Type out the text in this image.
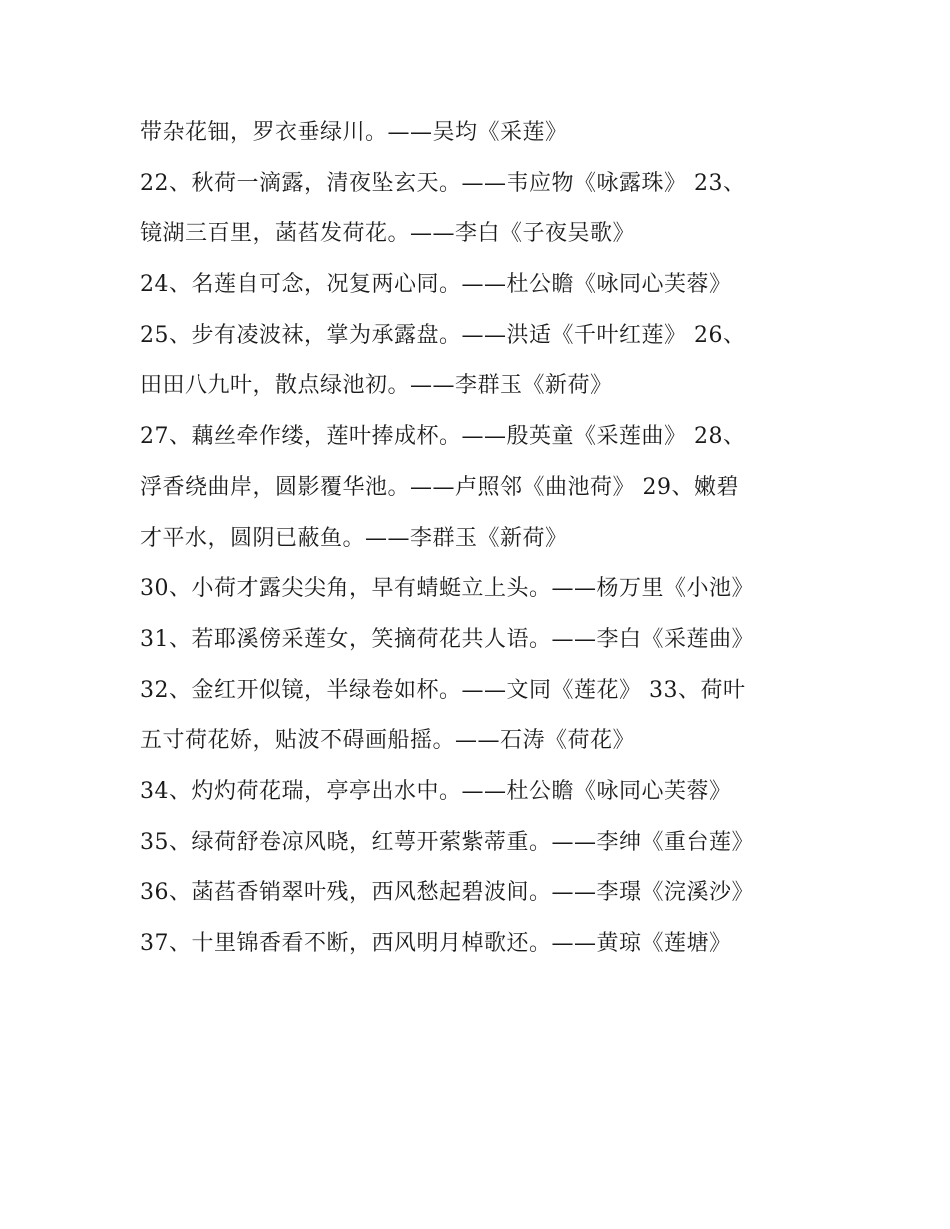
带杂花钿，罗衣垂绿川。——吴均《采莲》
22、秋荷一滴露，清夜坠玄天。——韦应物《咏露珠》 23、
镜湖三百里，菡萏发荷花。——李白《子夜吴歌》
24、名莲自可念，况复两心同。——杜公瞻《咏同心芙蓉》
25、步有凌波袜，掌为承露盘。——洪适《千叶红莲》 26、
田田八九叶，散点绿池初。——李群玉《新荷》
27、藕丝牵作缕，莲叶捧成杯。——殷英童《采莲曲》 28、
浮香绕曲岸，圆影覆华池。——卢照邻《曲池荷》 29、嫩碧
才平水，圆阴已蔽鱼。——李群玉《新荷》
30、小荷才露尖尖角，早有蜻蜓立上头。——杨万里《小池》
31、若耶溪傍采莲女，笑摘荷花共人语。——李白《采莲曲》
32、金红开似镜，半绿卷如杯。——文同《莲花》 33、荷叶
五寸荷花娇，贴波不碍画船摇。——石涛《荷花》
34、灼灼荷花瑞，亭亭出水中。——杜公瞻《咏同心芙蓉》
35、绿荷舒卷凉风晓，红萼开萦紫蒂重。——李绅《重台莲》
36、菡萏香销翠叶残，西风愁起碧波间。——李璟《浣溪沙》
37、十里锦香看不断，西风明月棹歌还。——黄琼《莲塘》
